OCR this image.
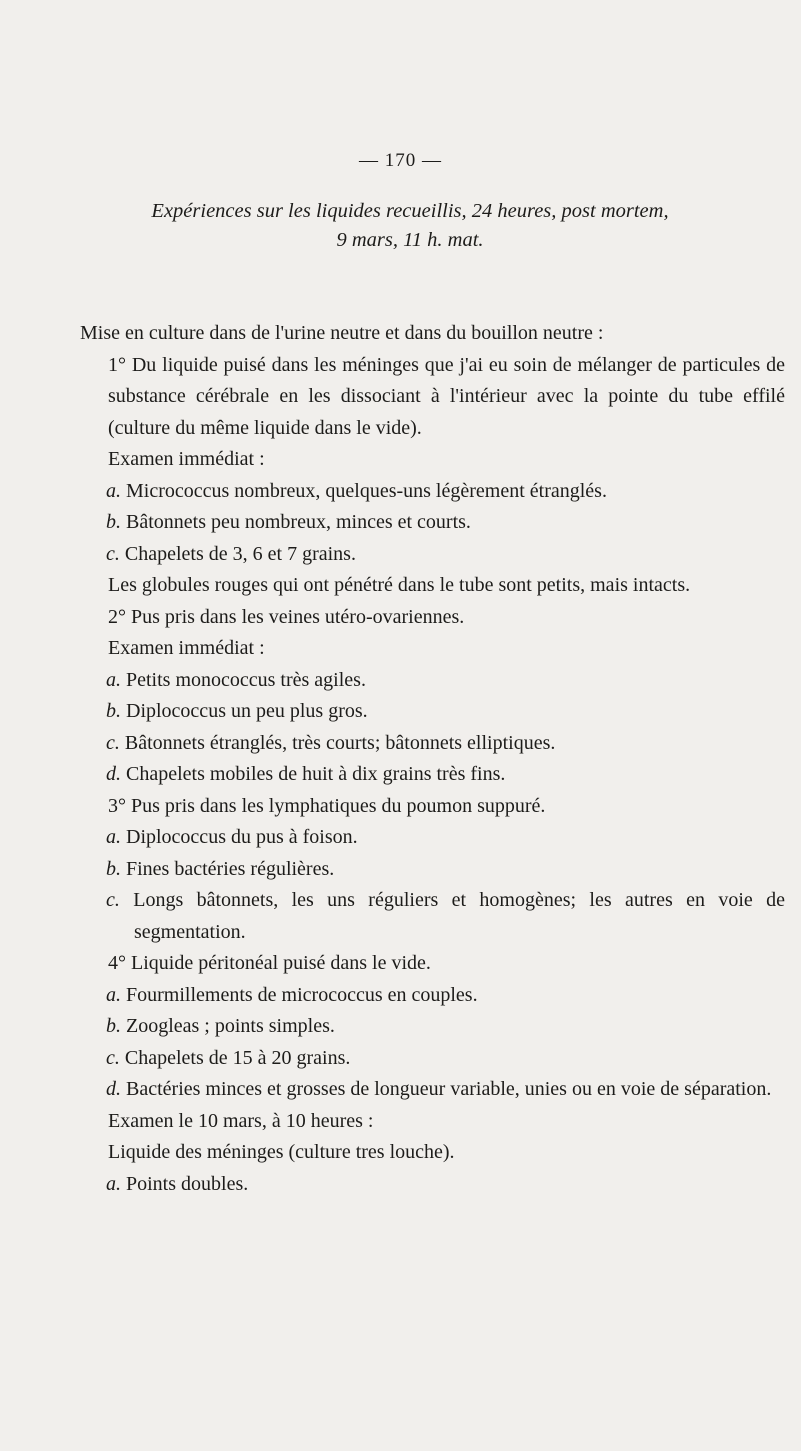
— 170 —
Expériences sur les liquides recueillis, 24 heures, post mortem,
9 mars, 11 h. mat.

Mise en culture dans de l'urine neutre et dans du bouillon neutre :

1° Du liquide puisé dans les méninges que j'ai eu soin de mélanger de particules de substance cérébrale en les dissociant à l'intérieur avec la pointe du tube effilé (culture du même liquide dans le vide).

Examen immédiat :

a. Micrococcus nombreux, quelques-uns légèrement étranglés.

b. Bâtonnets peu nombreux, minces et courts.

c. Chapelets de 3, 6 et 7 grains.

Les globules rouges qui ont pénétré dans le tube sont petits, mais intacts.

2° Pus pris dans les veines utéro-ovariennes.

Examen immédiat :

a. Petits monococcus très agiles.

b. Diplococcus un peu plus gros.

c. Bâtonnets étranglés, très courts; bâtonnets elliptiques.

d. Chapelets mobiles de huit à dix grains très fins.

3° Pus pris dans les lymphatiques du poumon suppuré.

a. Diplococcus du pus à foison.

b. Fines bactéries régulières.

c. Longs bâtonnets, les uns réguliers et homogènes; les autres en voie de segmentation.

4° Liquide péritonéal puisé dans le vide.

a. Fourmillements de micrococcus en couples.

b. Zoogleas ; points simples.

c. Chapelets de 15 à 20 grains.

d. Bactéries minces et grosses de longueur variable, unies ou en voie de séparation.

Examen le 10 mars, à 10 heures :

Liquide des méninges (culture tres louche).

a. Points doubles.
